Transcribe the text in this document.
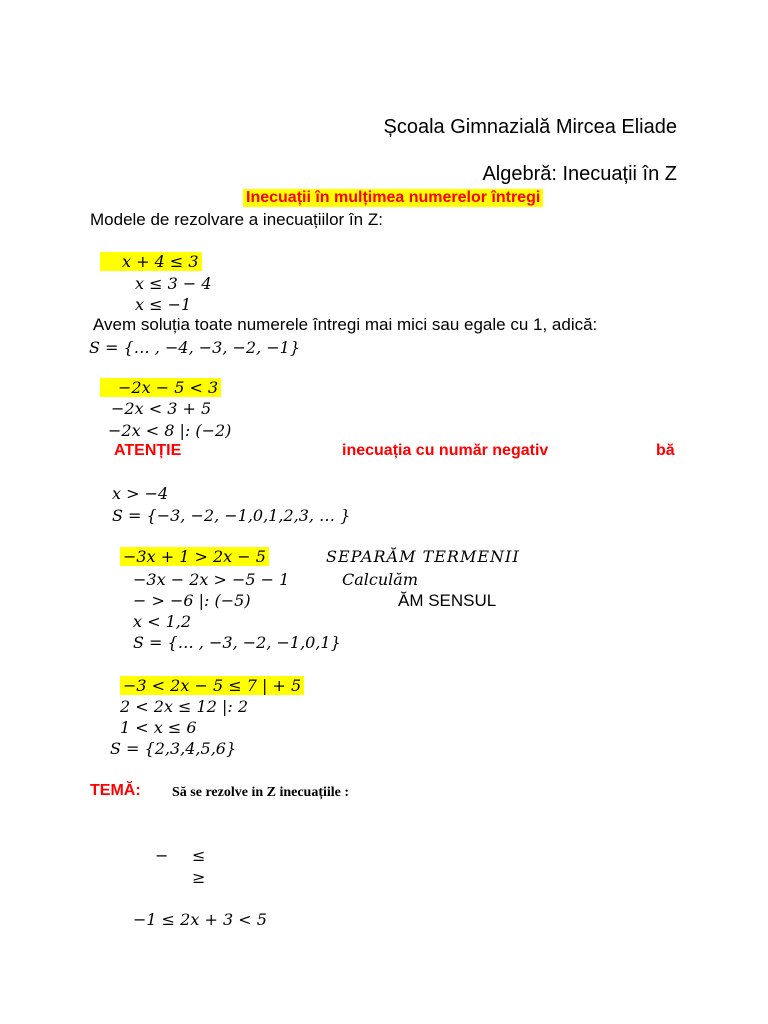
Școala Gimnazială Mircea Eliade
Algebră: Inecuații în Z
Inecuații în mulțimea numerelor întregi
Modele de rezolvare a inecuațiilor în Z:
x + 4 ≤ 3
x ≤ 3 − 4
x ≤ −1
Avem soluția toate numerele întregi mai mici sau egale cu 1, adică:
S = {… , −4, −3, −2, −1}
−2x − 5 < 3
−2x < 3 + 5
−2x < 8 |: (−2)
ATENȚIE	inecuația cu număr negativ	bă
x > −4
S = {−3, −2, −1,0,1,2,3, … }
−3x + 1 > 2x − 5	SEPARĂM TERMENII
−3x − 2x > −5 − 1	Calculăm
− > −6 |: (−5)	ĂM SENSUL
x < 1,2
S = {… , −3, −2, −1,0,1}
−3 < 2x − 5 ≤ 7 | + 5
2 < 2x ≤ 12 |: 2
1 < x ≤ 6
S = {2,3,4,5,6}
TEMĂ: Să se rezolve in Z inecuațiile :
− ≤
≥
−1 ≤ 2x + 3 < 5
